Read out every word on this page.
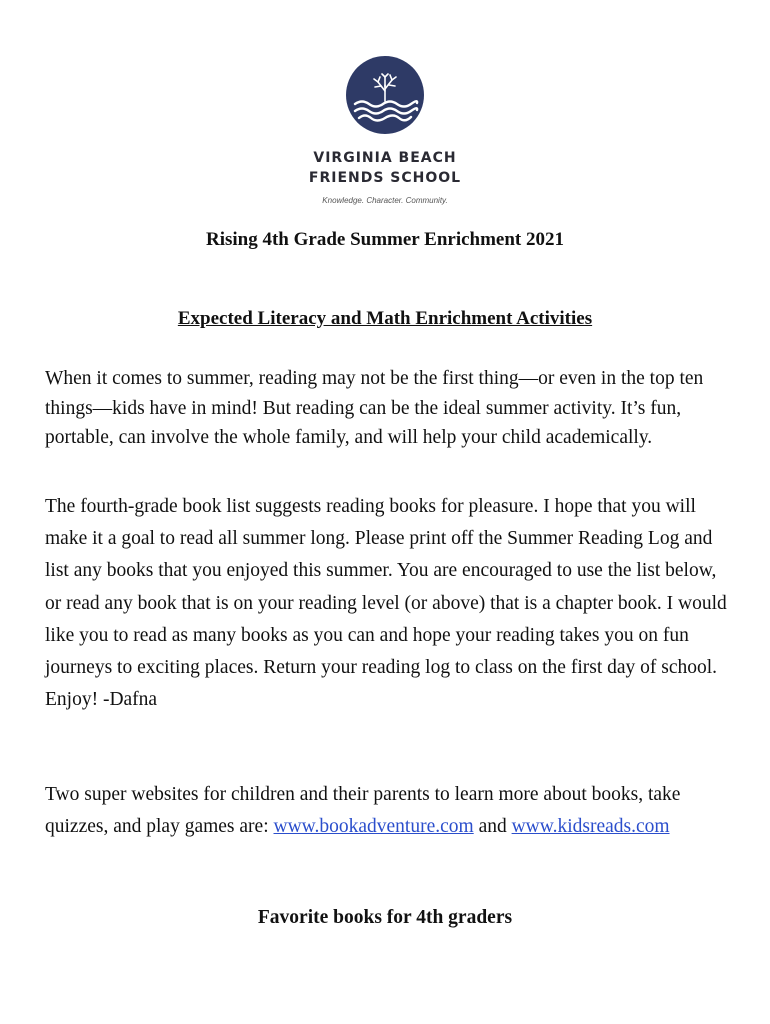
VIRGINIA BEACH
FRIENDS SCHOOL
Knowledge. Character. Community.
Rising 4th Grade Summer Enrichment 2021
Expected Literacy and Math Enrichment Activities

When it comes to summer, reading may not be the first thing—or even in the top ten things—kids have in mind! But reading can be the ideal summer activity. It’s fun, portable, can involve the whole family, and will help your child academically.

The fourth-grade book list suggests reading books for pleasure. I hope that you will make it a goal to read all summer long. Please print off the Summer Reading Log and list any books that you enjoyed this summer. You are encouraged to use the list below, or read any book that is on your reading level (or above) that is a chapter book. I would like you to read as many books as you can and hope your reading takes you on fun journeys to exciting places. Return your reading log to class on the first day of school. Enjoy! -Dafna

Two super websites for children and their parents to learn more about books, take quizzes, and play games are: www.bookadventure.com and www.kidsreads.com

Favorite books for 4th graders
